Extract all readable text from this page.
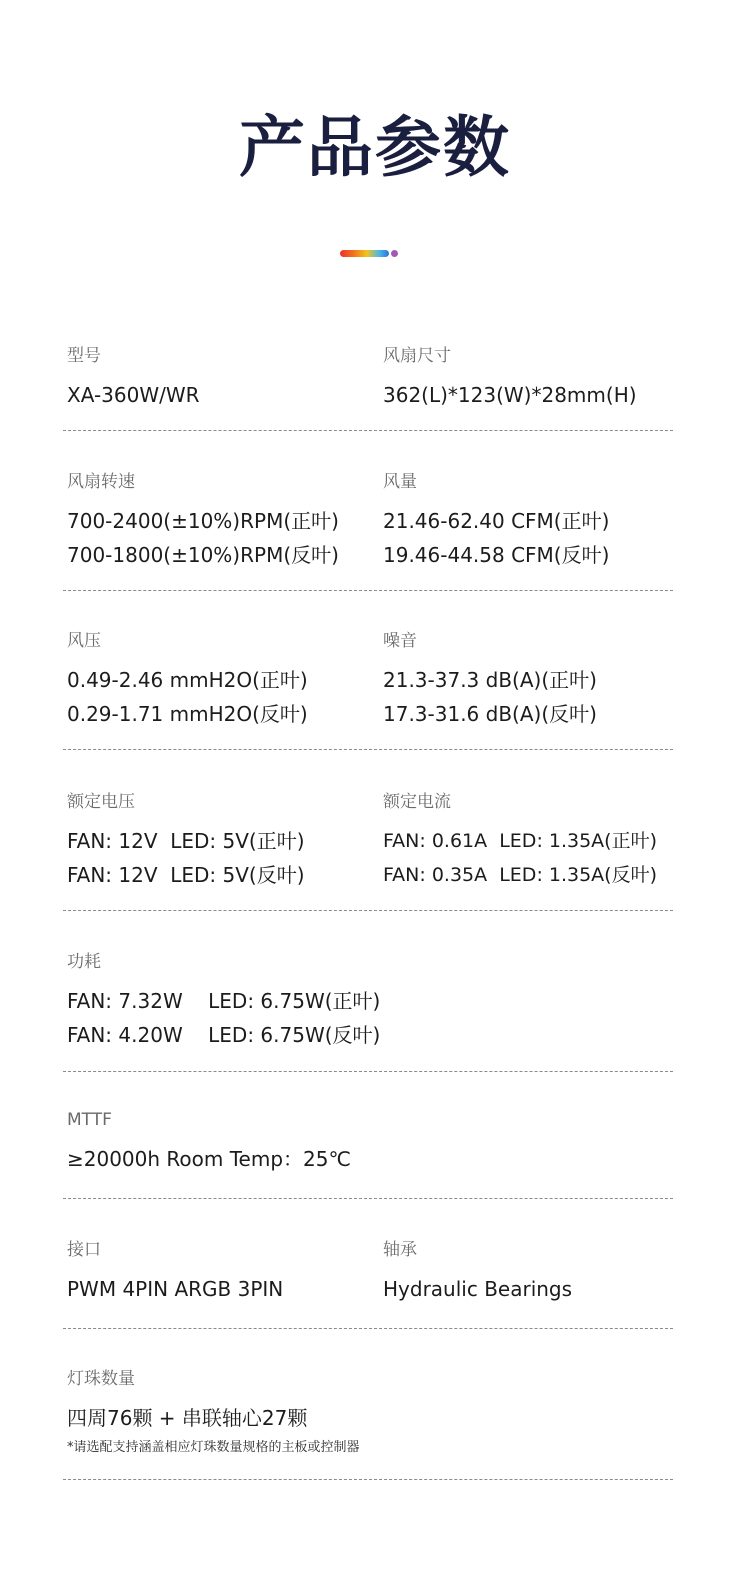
产品参数
型号
XA-360W/WR
风扇尺寸
362(L)*123(W)*28mm(H)
风扇转速
700-2400(±10%)RPM(正叶)
700-1800(±10%)RPM(反叶)
风量
21.46-62.40 CFM(正叶)
19.46-44.58 CFM(反叶)
风压
0.49-2.46 mmH2O(正叶)
0.29-1.71 mmH2O(反叶)
噪音
21.3-37.3 dB(A)(正叶)
17.3-31.6 dB(A)(反叶)
额定电压
FAN: 12V  LED: 5V(正叶)
FAN: 12V  LED: 5V(反叶)
额定电流
FAN: 0.61A  LED: 1.35A(正叶)
FAN: 0.35A  LED: 1.35A(反叶)
功耗
FAN: 7.32W    LED: 6.75W(正叶)
FAN: 4.20W    LED: 6.75W(反叶)
MTTF
≥20000h Room Temp：25℃
接口
PWM 4PIN ARGB 3PIN
轴承
Hydraulic Bearings
灯珠数量
四周76颗 + 串联轴心27颗
*请选配支持涵盖相应灯珠数量规格的主板或控制器
